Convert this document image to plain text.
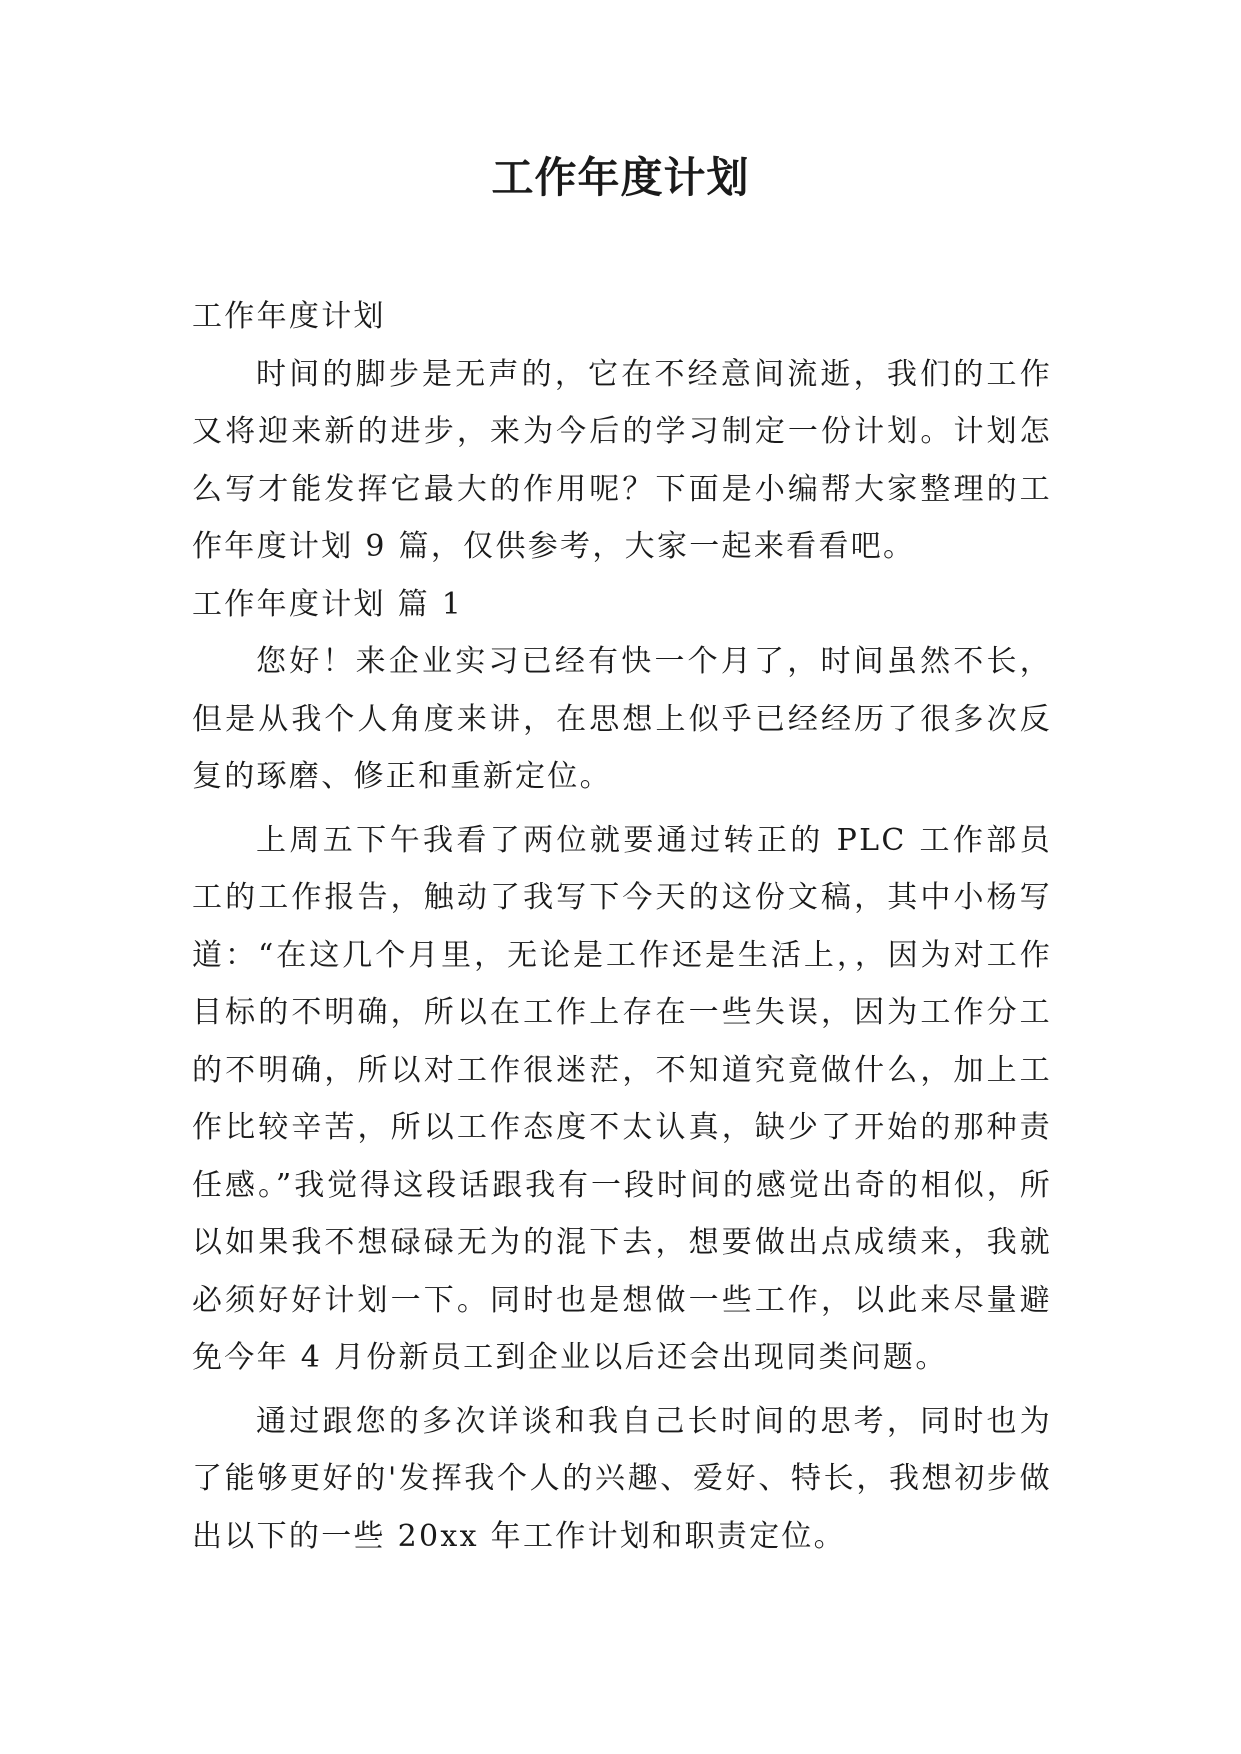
工作年度计划

工作年度计划

时间的脚步是无声的，它在不经意间流逝，我们的工作又将迎来新的进步，来为今后的学习制定一份计划。计划怎么写才能发挥它最大的作用呢？下面是小编帮大家整理的工作年度计划 9 篇，仅供参考，大家一起来看看吧。

工作年度计划 篇 1

您好！来企业实习已经有快一个月了，时间虽然不长，但是从我个人角度来讲，在思想上似乎已经经历了很多次反复的琢磨、修正和重新定位。

上周五下午我看了两位就要通过转正的 PLC 工作部员工的工作报告，触动了我写下今天的这份文稿，其中小杨写道：“在这几个月里，无论是工作还是生活上，，因为对工作目标的不明确，所以在工作上存在一些失误，因为工作分工的不明确，所以对工作很迷茫，不知道究竟做什么，加上工作比较辛苦，所以工作态度不太认真，缺少了开始的那种责任感。”我觉得这段话跟我有一段时间的感觉出奇的相似，所以如果我不想碌碌无为的混下去，想要做出点成绩来，我就必须好好计划一下。同时也是想做一些工作，以此来尽量避免今年 4 月份新员工到企业以后还会出现同类问题。

通过跟您的多次详谈和我自己长时间的思考，同时也为了能够更好的'发挥我个人的兴趣、爱好、特长，我想初步做出以下的一些 20xx 年工作计划和职责定位。
